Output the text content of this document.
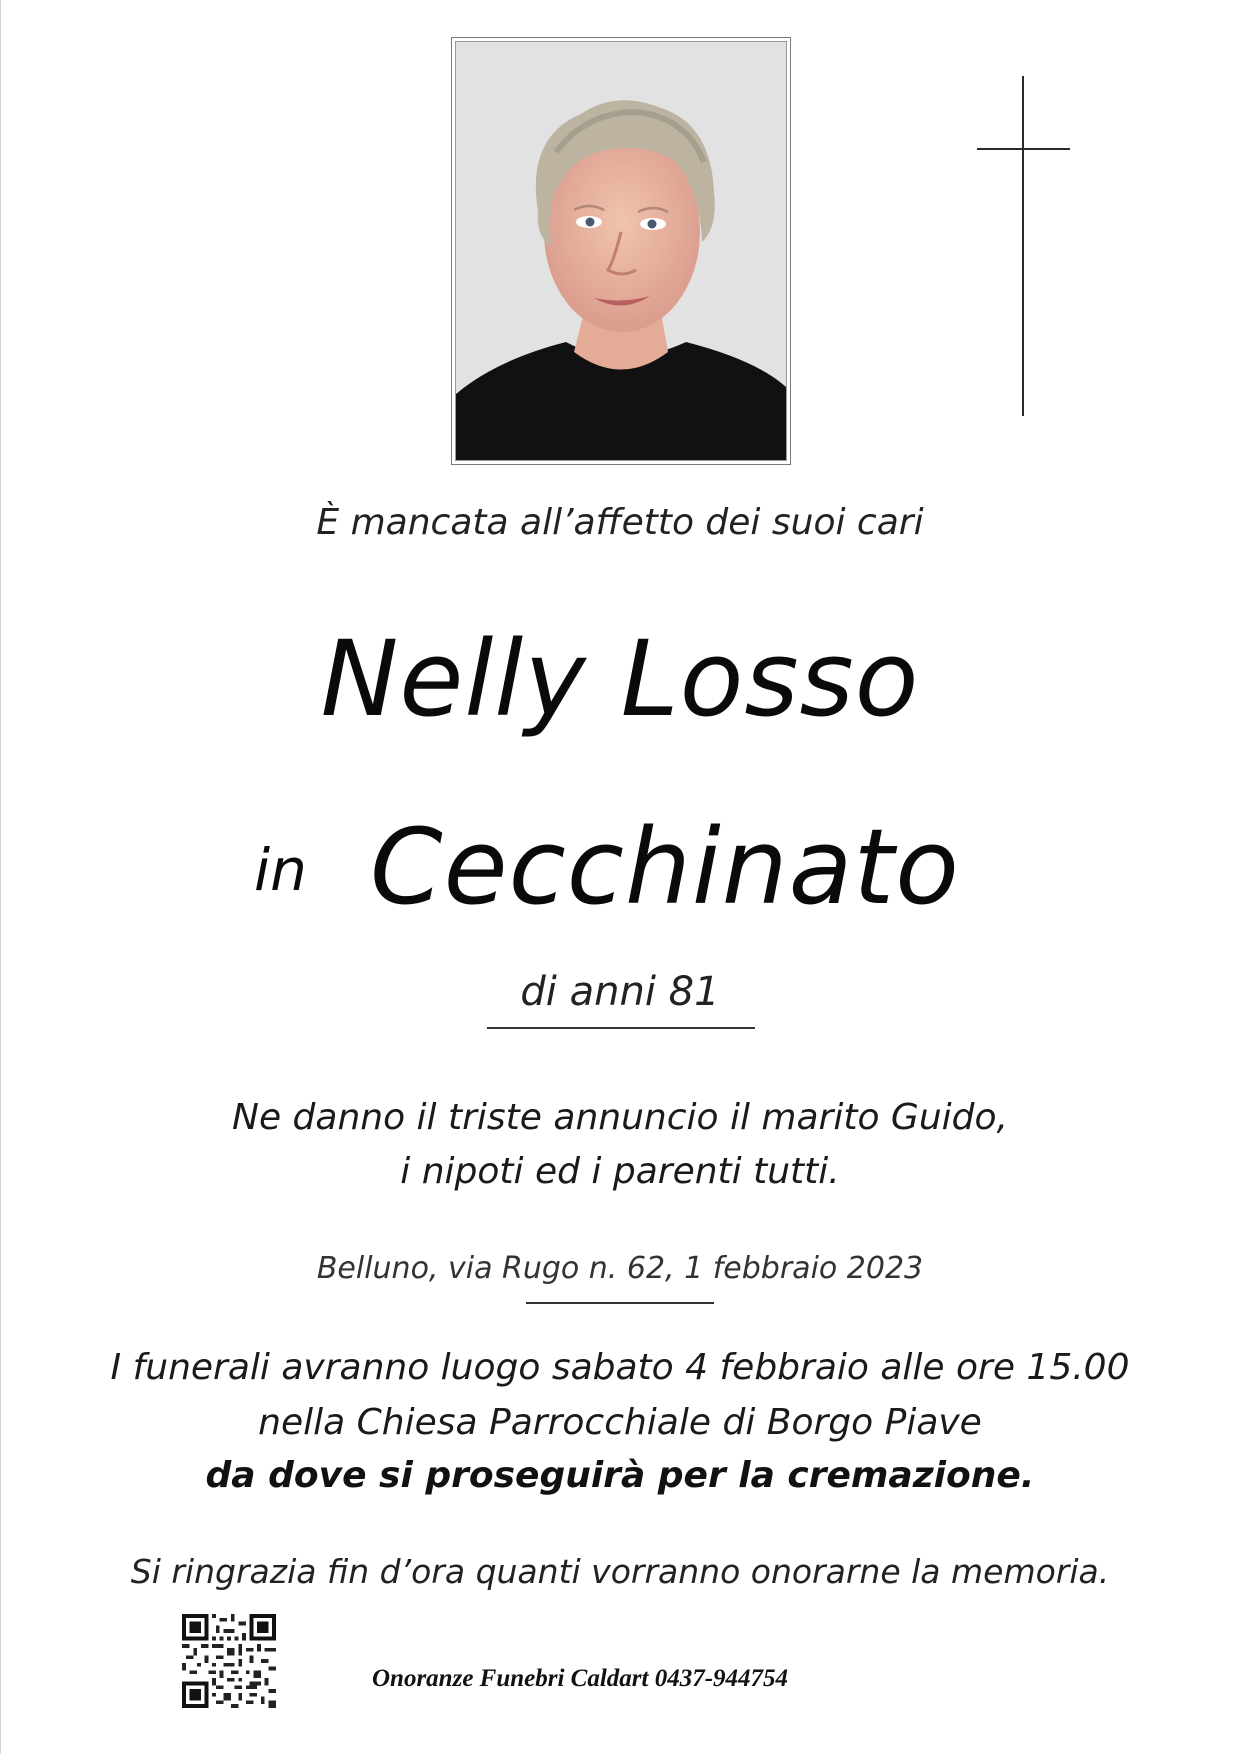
È mancata all’affetto dei suoi cari
Nelly Losso
in Cecchinato
di anni 81
Ne danno il triste annuncio il marito Guido,
i nipoti ed i parenti tutti.
Belluno, via Rugo n. 62, 1 febbraio 2023
I funerali avranno luogo sabato 4 febbraio alle ore 15.00
nella Chiesa Parrocchiale di Borgo Piave
da dove si proseguirà per la cremazione.
Si ringrazia fin d’ora quanti vorranno onorarne la memoria.
Onoranze Funebri Caldart 0437-944754
